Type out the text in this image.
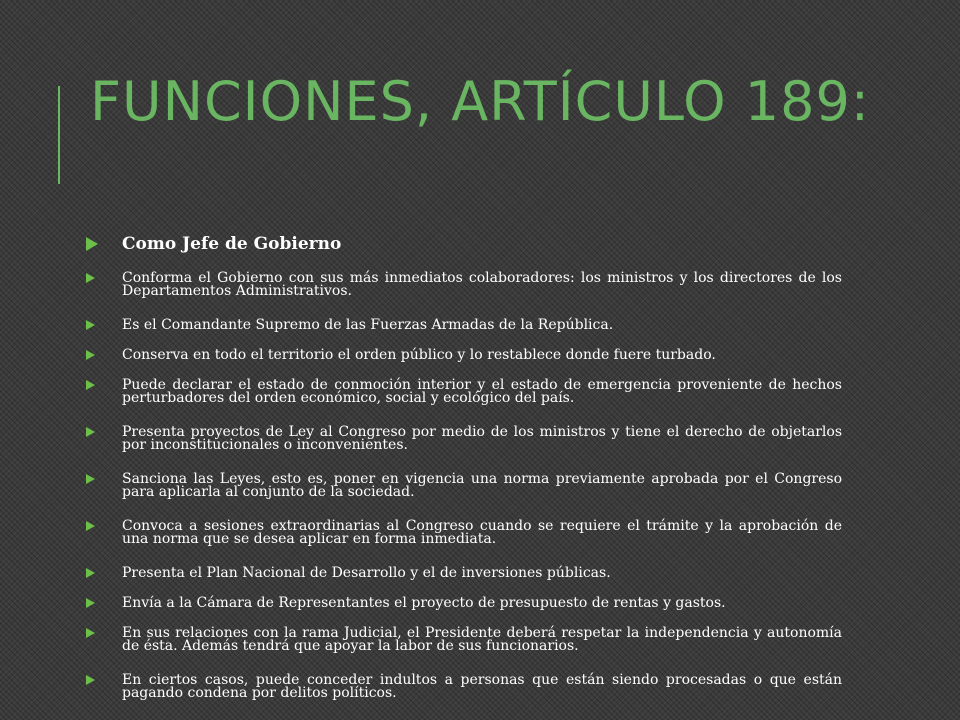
FUNCIONES, ARTÍCULO 189:
Como Jefe de Gobierno
Conforma el Gobierno con sus más inmediatos colaboradores: los ministros y los directores de los Departamentos Administrativos.
Es el Comandante Supremo de las Fuerzas Armadas de la República.
Conserva en todo el territorio el orden público y lo restablece donde fuere turbado.
Puede declarar el estado de conmoción interior y el estado de emergencia proveniente de hechos perturbadores del orden económico, social y ecológico del país.
Presenta proyectos de Ley al Congreso por medio de los ministros y tiene el derecho de objetarlos por inconstitucionales o inconvenientes.
Sanciona las Leyes, esto es, poner en vigencia una norma previamente aprobada por el Congreso para aplicarla al conjunto de la sociedad.
Convoca a sesiones extraordinarias al Congreso cuando se requiere el trámite y la aprobación de una norma que se desea aplicar en forma inmediata.
Presenta el Plan Nacional de Desarrollo y el de inversiones públicas.
Envía a la Cámara de Representantes el proyecto de presupuesto de rentas y gastos.
En sus relaciones con la rama Judicial, el Presidente deberá respetar la independencia y autonomía de ésta. Además tendrá que apoyar la labor de sus funcionarios.
En ciertos casos, puede conceder indultos a personas que están siendo procesadas o que están pagando condena por delitos políticos.
